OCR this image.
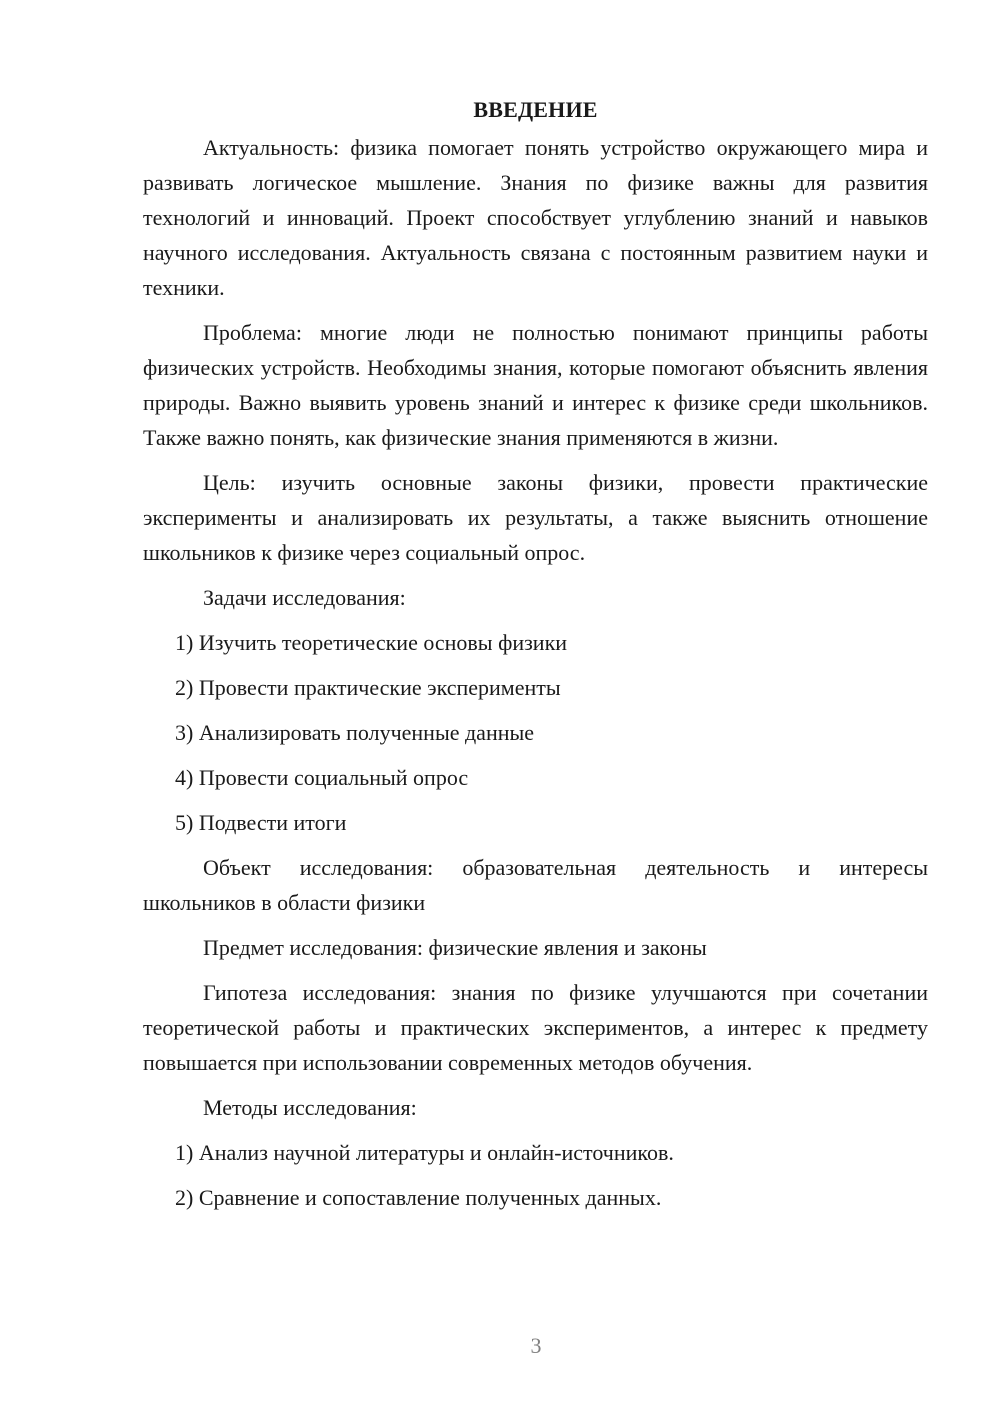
ВВЕДЕНИЕ

Актуальность: физика помогает понять устройство окружающего мира и развивать логическое мышление. Знания по физике важны для развития технологий и инноваций. Проект способствует углублению знаний и навыков научного исследования. Актуальность связана с постоянным развитием науки и техники.

Проблема: многие люди не полностью понимают принципы работы физических устройств. Необходимы знания, которые помогают объяснить явления природы. Важно выявить уровень знаний и интерес к физике среди школьников. Также важно понять, как физические знания применяются в жизни.

Цель: изучить основные законы физики, провести практические эксперименты и анализировать их результаты, а также выяснить отношение школьников к физике через социальный опрос.

Задачи исследования:

1) Изучить теоретические основы физики

2) Провести практические эксперименты

3) Анализировать полученные данные

4) Провести социальный опрос

5) Подвести итоги

Объект исследования: образовательная деятельность и интересы школьников в области физики

Предмет исследования: физические явления и законы

Гипотеза исследования: знания по физике улучшаются при сочетании теоретической работы и практических экспериментов, а интерес к предмету повышается при использовании современных методов обучения.

Методы исследования:

1) Анализ научной литературы и онлайн-источников.

2) Сравнение и сопоставление полученных данных.

3
